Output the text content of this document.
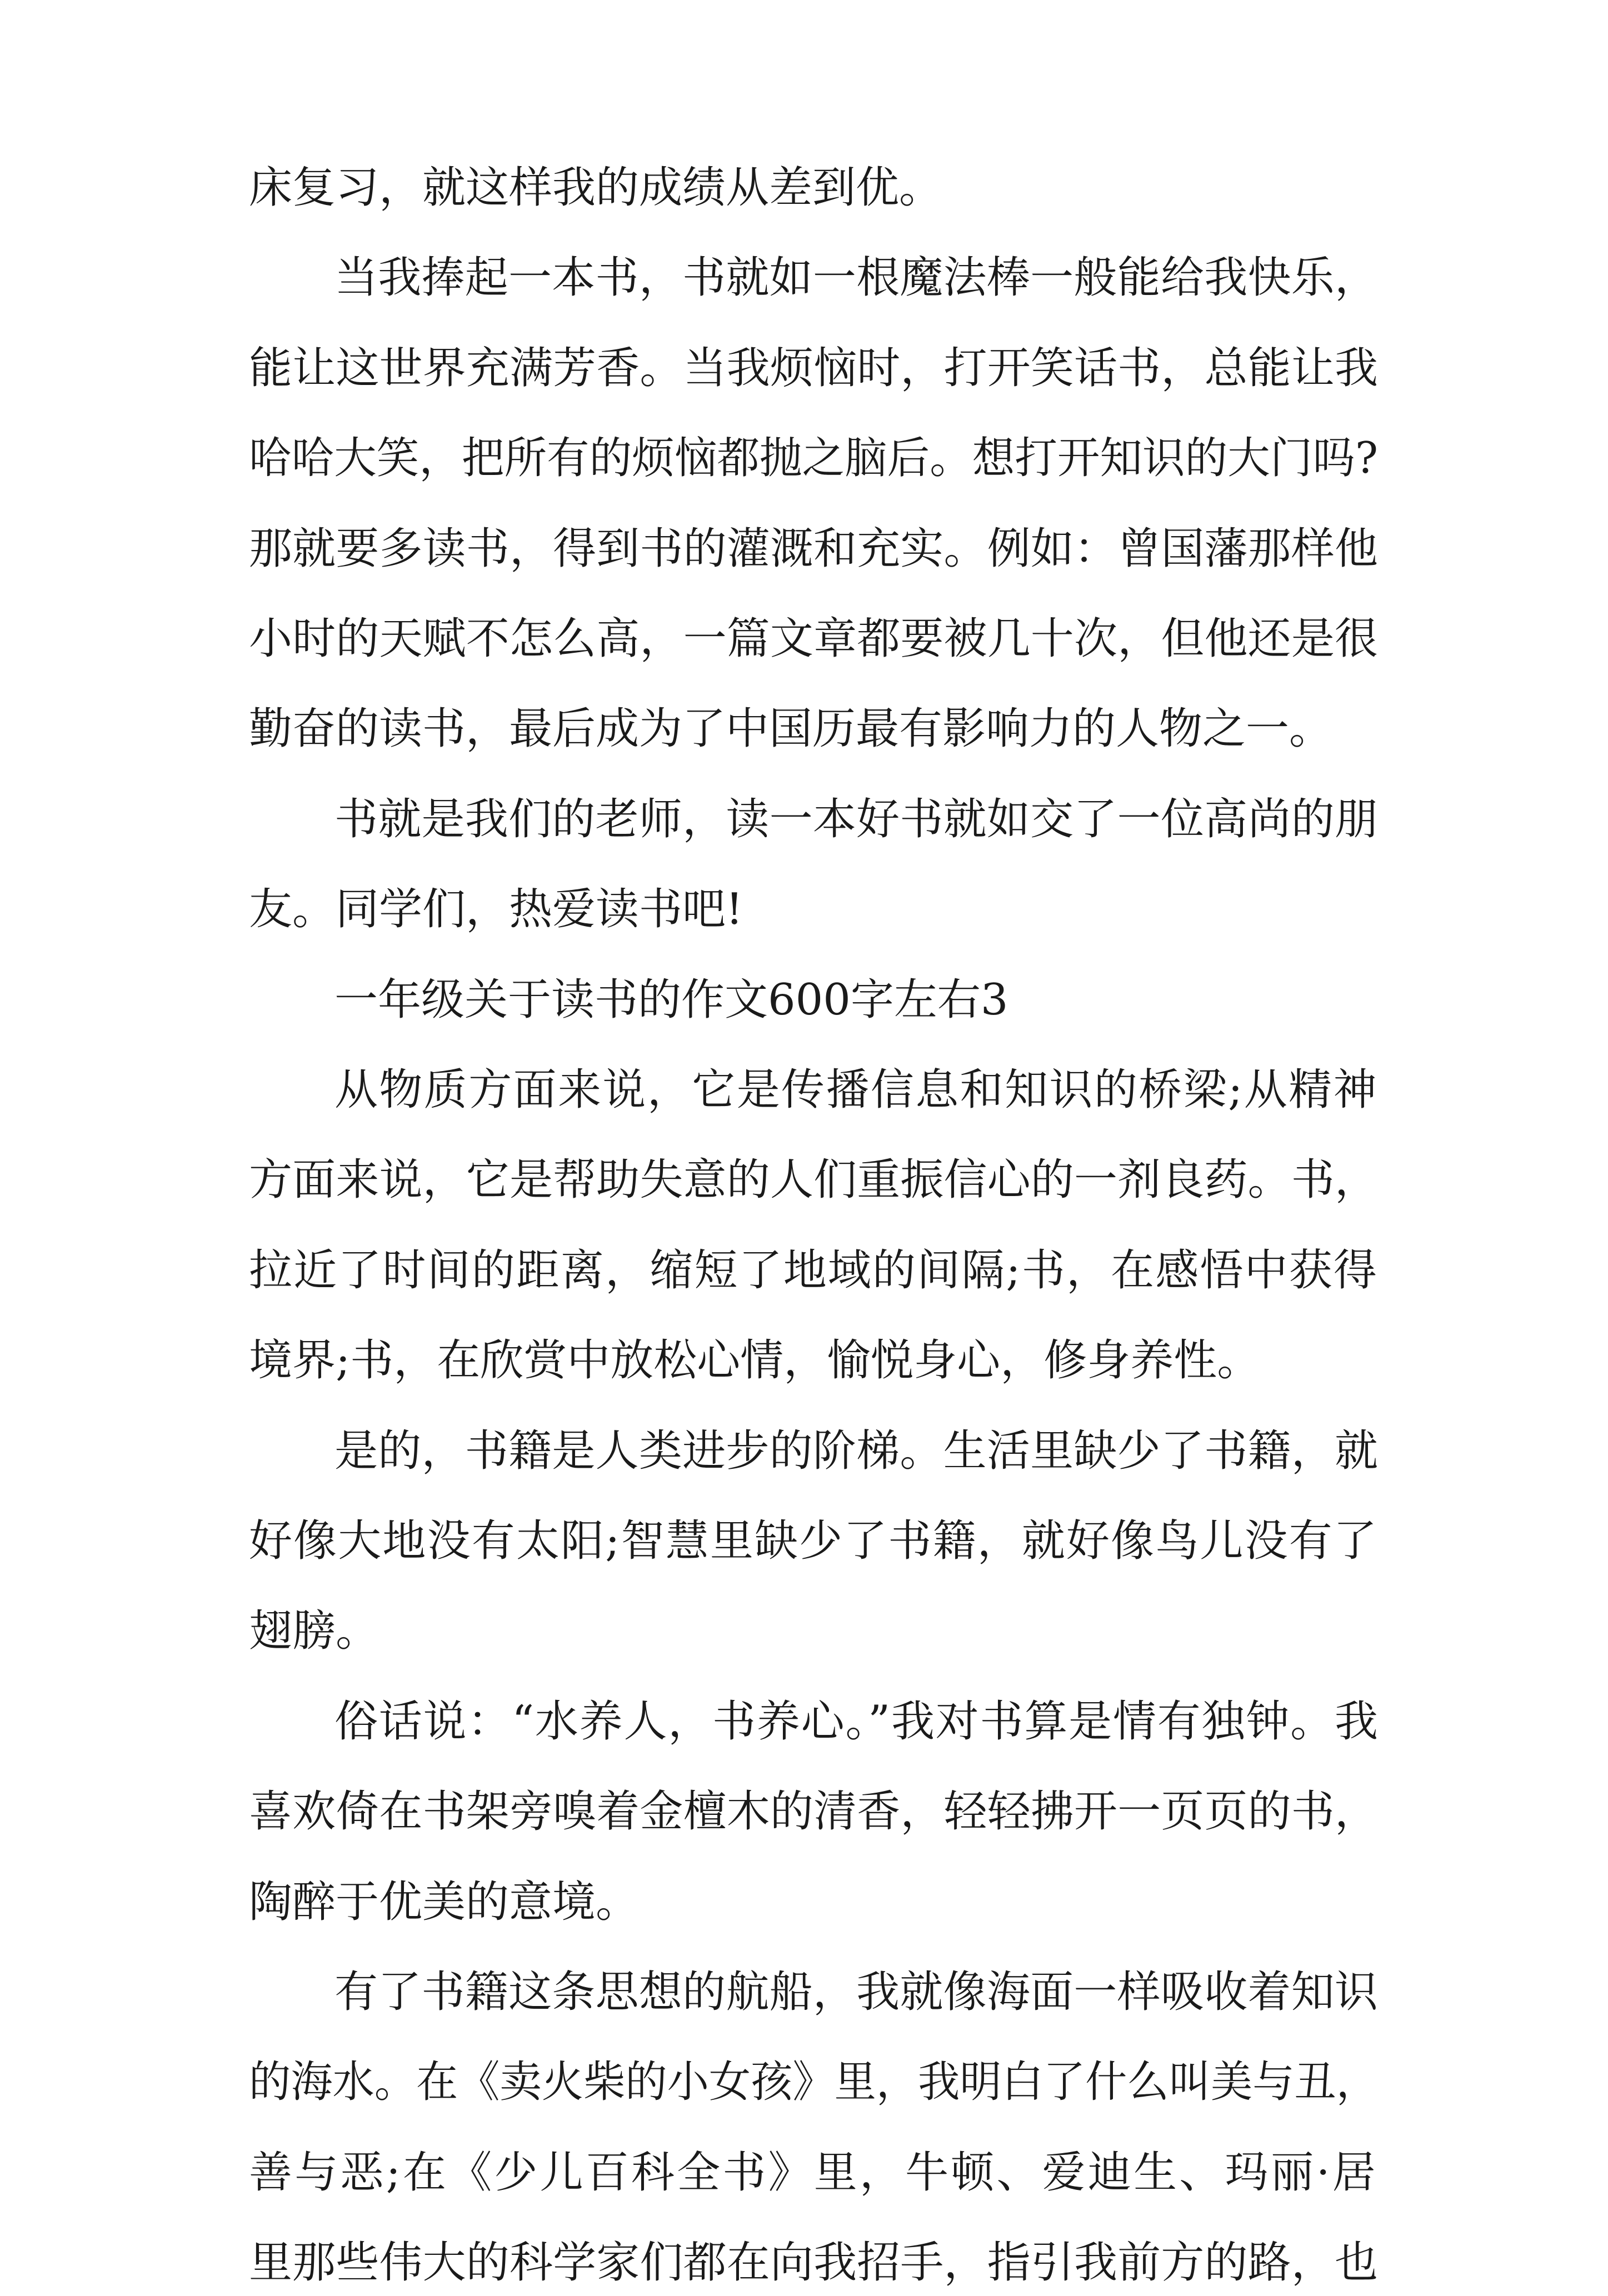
床复习，就这样我的成绩从差到优。
当我捧起一本书，书就如一根魔法棒一般能给我快乐，
能让这世界充满芳香。当我烦恼时，打开笑话书，总能让我
哈哈大笑，把所有的烦恼都抛之脑后。想打开知识的大门吗?
那就要多读书，得到书的灌溉和充实。例如：曾国藩那样他
小时的天赋不怎么高，一篇文章都要被几十次，但他还是很
勤奋的读书，最后成为了中国历最有影响力的人物之一。
书就是我们的老师，读一本好书就如交了一位高尚的朋
友。同学们，热爱读书吧!
一年级关于读书的作文600字左右3
从物质方面来说，它是传播信息和知识的桥梁;从精神
方面来说，它是帮助失意的人们重振信心的一剂良药。书，
拉近了时间的距离，缩短了地域的间隔;书，在感悟中获得
境界;书，在欣赏中放松心情，愉悦身心，修身养性。
是的，书籍是人类进步的阶梯。生活里缺少了书籍，就
好像大地没有太阳;智慧里缺少了书籍，就好像鸟儿没有了
翅膀。
俗话说：“水养人，书养心。”我对书算是情有独钟。我
喜欢倚在书架旁嗅着金檀木的清香，轻轻拂开一页页的书，
陶醉于优美的意境。
有了书籍这条思想的航船，我就像海面一样吸收着知识
的海水。在《卖火柴的小女孩》里，我明白了什么叫美与丑，
善与恶;在《少儿百科全书》里，牛顿、爱迪生、玛丽·居
里那些伟大的科学家们都在向我招手，指引我前方的路，也
